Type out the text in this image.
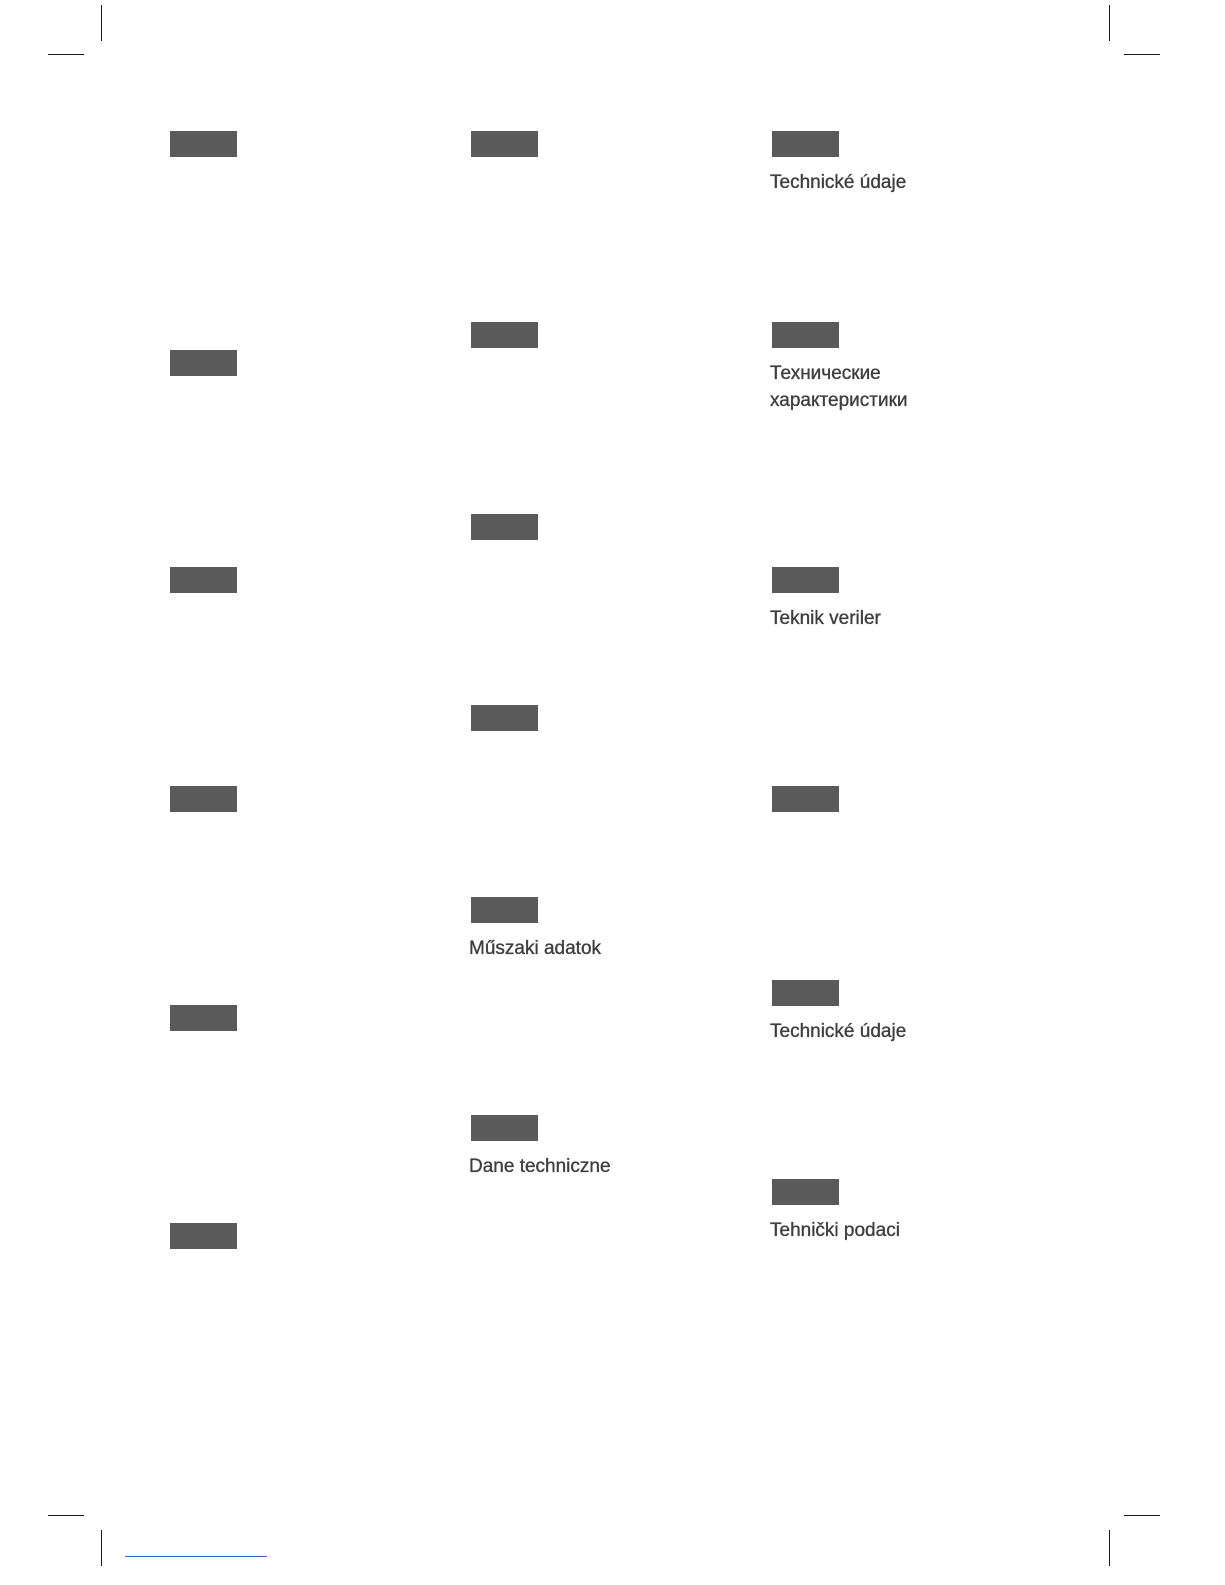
Műszaki adatok
Dane techniczne
Technické údaje
Технические
характеристики
Teknik veriler
Technické údaje
Tehnički podaci
